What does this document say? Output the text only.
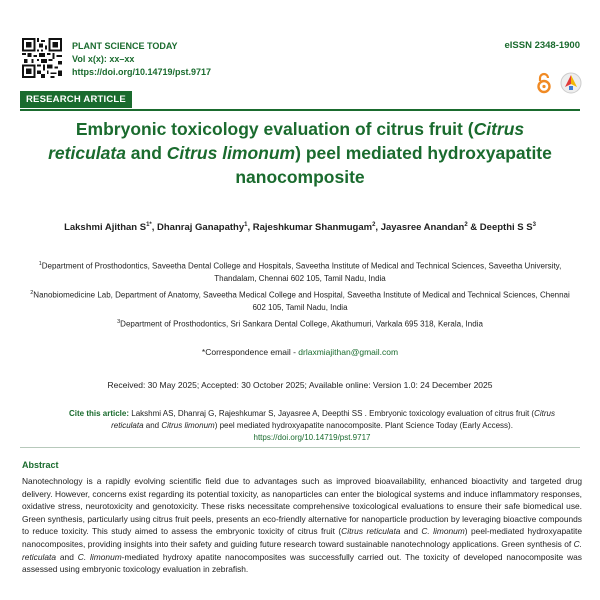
PLANT SCIENCE TODAY
Vol x(x): xx–xx
https://doi.org/10.14719/pst.9717
eISSN 2348-1900
RESEARCH ARTICLE
Embryonic toxicology evaluation of citrus fruit (Citrus reticulata and Citrus limonum) peel mediated hydroxyapatite nanocomposite
Lakshmi Ajithan $S^{1*}$, Dhanraj Ganapathy$^1$, Rajeshkumar Shanmugam$^2$, Jayasree Anandan$^2$ & Deepthi S $S^3$
$^1$Department of Prosthodontics, Saveetha Dental College and Hospitals, Saveetha Institute of Medical and Technical Sciences, Saveetha University, Thandalam, Chennai 602 105, Tamil Nadu, India
$^2$Nanobiomedicine Lab, Department of Anatomy, Saveetha Medical College and Hospital, Saveetha Institute of Medical and Technical Sciences, Chennai 602 105, Tamil Nadu, India
$^3$Department of Prosthodontics, Sri Sankara Dental College, Akathumuri, Varkala 695 318, Kerala, India
*Correspondence email - drlaxmiajithan@gmail.com
Received: 30 May 2025; Accepted: 30 October 2025; Available online: Version 1.0: 24 December 2025
Cite this article: Lakshmi AS, Dhanraj G, Rajeshkumar S, Jayasree A, Deepthi SS . Embryonic toxicology evaluation of citrus fruit (Citrus reticulata and Citrus limonum) peel mediated hydroxyapatite nanocomposite. Plant Science Today (Early Access). https://doi.org/10.14719/pst.9717
Abstract

Nanotechnology is a rapidly evolving scientific field due to advantages such as improved bioavailability, enhanced bioactivity and targeted drug delivery. However, concerns exist regarding its potential toxicity, as nanoparticles can enter the biological systems and induce inflammatory responses, oxidative stress, neurotoxicity and genotoxicity. These risks necessitate comprehensive toxicological evaluations to ensure their safe biomedical use. Green synthesis, particularly using citrus fruit peels, presents an eco-friendly alternative for nanoparticle production by leveraging bioactive compounds to reduce toxicity. This study aimed to assess the embryonic toxicity of citrus fruit (Citrus reticulata and C. limonum) peel-mediated hydroxyapatite nanocomposites, providing insights into their safety and guiding future research toward sustainable nanotechnology applications. Green synthesis of C. reticulata and C. limonum-mediated hydroxy apatite nanocomposites was successfully carried out. The toxicity of developed nanocomposite was assessed using embryonic toxicology evaluation in zebrafish.
